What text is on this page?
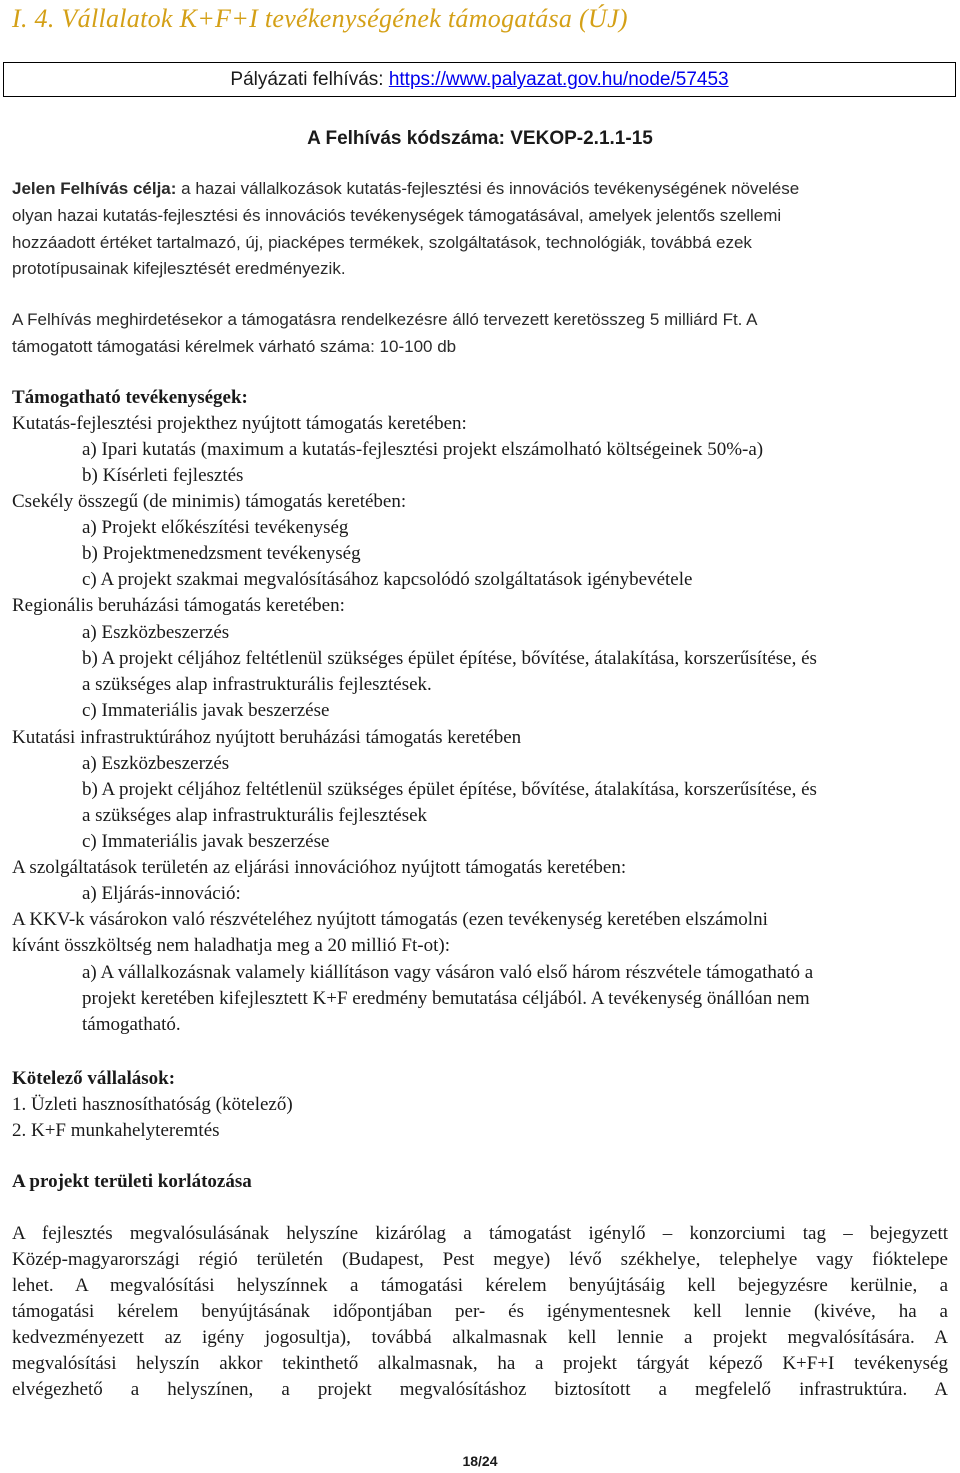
I. 4. Vállalatok K+F+I tevékenységének támogatása (ÚJ)
Pályázati felhívás: https://www.palyazat.gov.hu/node/57453
A Felhívás kódszáma: VEKOP-2.1.1-15
Jelen Felhívás célja: a hazai vállalkozások kutatás-fejlesztési és innovációs tevékenységének növelése
olyan hazai kutatás-fejlesztési és innovációs tevékenységek támogatásával, amelyek jelentős szellemi
hozzáadott értéket tartalmazó, új, piacképes termékek, szolgáltatások, technológiák, továbbá ezek
prototípusainak kifejlesztését eredményezik.
A Felhívás meghirdetésekor a támogatásra rendelkezésre álló tervezett keretösszeg 5 milliárd Ft. A
támogatott támogatási kérelmek várható száma: 10-100 db
Támogatható tevékenységek:
Kutatás-fejlesztési projekthez nyújtott támogatás keretében:
a) Ipari kutatás (maximum a kutatás-fejlesztési projekt elszámolható költségeinek 50%-a)
b) Kísérleti fejlesztés
Csekély összegű (de minimis) támogatás keretében:
a) Projekt előkészítési tevékenység
b) Projektmenedzsment tevékenység
c) A projekt szakmai megvalósításához kapcsolódó szolgáltatások igénybevétele
Regionális beruházási támogatás keretében:
a) Eszközbeszerzés
b) A projekt céljához feltétlenül szükséges épület építése, bővítése, átalakítása, korszerűsítése, és
a szükséges alap infrastrukturális fejlesztések.
c) Immateriális javak beszerzése
Kutatási infrastruktúrához nyújtott beruházási támogatás keretében
a) Eszközbeszerzés
b) A projekt céljához feltétlenül szükséges épület építése, bővítése, átalakítása, korszerűsítése, és
a szükséges alap infrastrukturális fejlesztések
c) Immateriális javak beszerzése
A szolgáltatások területén az eljárási innovációhoz nyújtott támogatás keretében:
a) Eljárás-innováció:
A KKV-k vásárokon való részvételéhez nyújtott támogatás (ezen tevékenység keretében elszámolni
kívánt összköltség nem haladhatja meg a 20 millió Ft-ot):
a) A vállalkozásnak valamely kiállításon vagy vásáron való első három részvétele támogatható a
projekt keretében kifejlesztett K+F eredmény bemutatása céljából. A tevékenység önállóan nem
támogatható.
Kötelező vállalások:
1. Üzleti hasznosíthatóság (kötelező)
2. K+F munkahelyteremtés
A projekt területi korlátozása
A fejlesztés megvalósulásának helyszíne kizárólag a támogatást igénylő – konzorciumi tag – bejegyzett
Közép-magyarországi régió területén (Budapest, Pest megye) lévő székhelye, telephelye vagy fióktelepe
lehet. A megvalósítási helyszínnek a támogatási kérelem benyújtásáig kell bejegyzésre kerülnie, a
támogatási kérelem benyújtásának időpontjában per- és igénymentesnek kell lennie (kivéve, ha a
kedvezményezett az igény jogosultja), továbbá alkalmasnak kell lennie a projekt megvalósítására. A
megvalósítási helyszín akkor tekinthető alkalmasnak, ha a projekt tárgyát képező K+F+I tevékenység
elvégezhető a helyszínen, a projekt megvalósításhoz biztosított a megfelelő infrastruktúra. A
18/24
